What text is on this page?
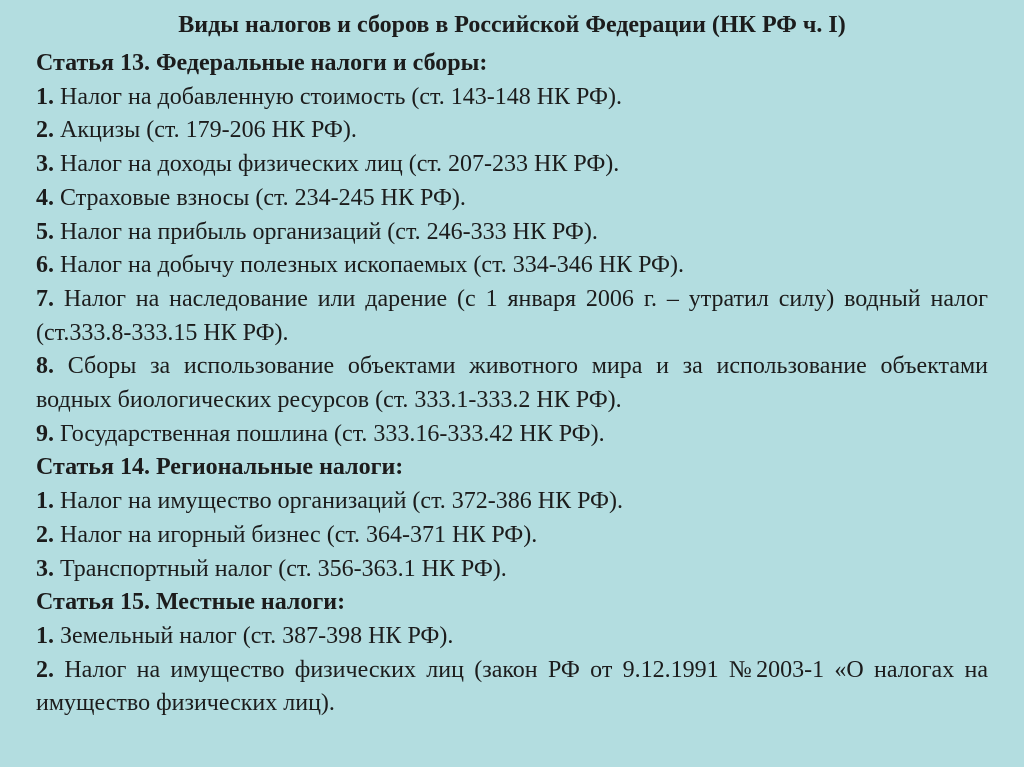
Виды налогов и сборов в Российской Федерации (НК РФ ч. I)
Статья 13. Федеральные налоги и сборы:
1. Налог на добавленную стоимость (ст. 143-148 НК РФ).
2. Акцизы (ст. 179-206 НК РФ).
3. Налог на доходы физических лиц (ст. 207-233 НК РФ).
4. Страховые взносы (ст. 234-245 НК РФ).
5. Налог на прибыль организаций (ст. 246-333 НК РФ).
6. Налог на добычу полезных ископаемых (ст. 334-346 НК РФ).
7. Налог на наследование или дарение (с 1 января 2006 г. – утратил силу) водный налог (ст.333.8-333.15 НК РФ).
8. Сборы за использование объектами животного мира и за использование объектами водных биологических ресурсов (ст. 333.1-333.2 НК РФ).
9. Государственная пошлина (ст. 333.16-333.42 НК РФ).
Статья 14. Региональные налоги:
1. Налог на имущество организаций (ст. 372-386 НК РФ).
2. Налог на игорный бизнес (ст. 364-371 НК РФ).
3. Транспортный налог (ст. 356-363.1 НК РФ).
Статья 15. Местные налоги:
1. Земельный налог (ст. 387-398 НК РФ).
2. Налог на имущество физических лиц (закон РФ от 9.12.1991 №2003-1 «О налогах на имущество физических лиц).
